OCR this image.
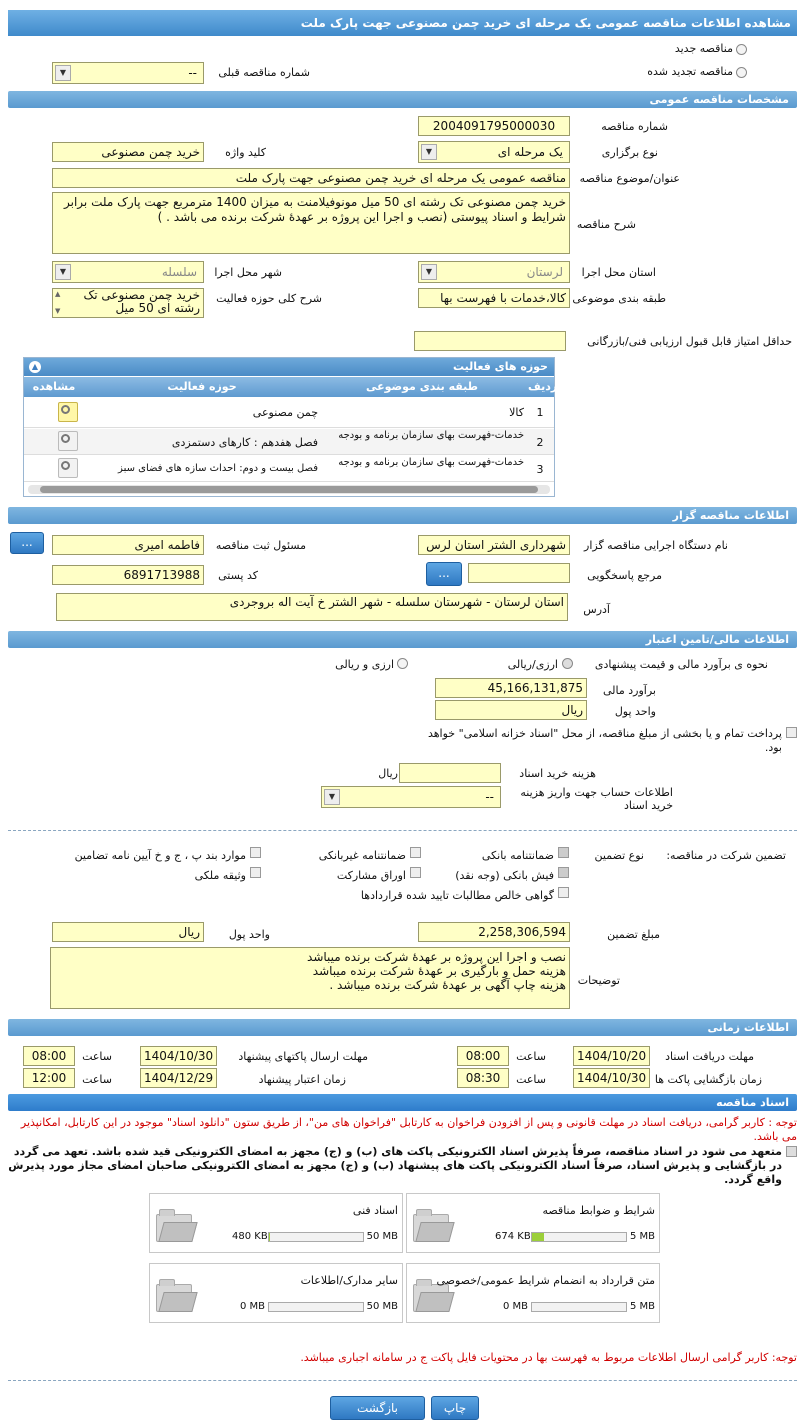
مشاهده اطلاعات مناقصه عمومی یک مرحله ای خرید چمن مصنوعی جهت پارک ملت
مناقصه جدید
مناقصه تجدید شده
شماره مناقصه قبلی
--
▼
مشخصات مناقصه عمومی
شماره مناقصه
2004091795000030
نوع برگزاری
یک مرحله ای
▼
کلید واژه
خرید چمن مصنوعی
عنوان/موضوع مناقصه
مناقصه عمومی یک مرحله ای خرید چمن مصنوعی جهت پارک ملت
شرح مناقصه
خرید چمن مصنوعی تک رشته ای 50 میل مونوفیلامنت به میزان 1400 مترمربع جهت پارک ملت برابر شرایط و اسناد پیوستی (نصب و اجرا این پروژه بر عهدهٔ شرکت برنده می باشد . )
استان محل اجرا
لرستان
▼
شهر محل اجرا
سلسله
▼
طبقه بندی موضوعی
کالا،خدمات با فهرست بها
شرح کلی حوزه فعالیت
خرید چمن مصنوعی تک رشته ای 50 میل
▲
▼
حداقل امتیاز قابل قبول ارزیابی فنی/بازرگانی
حوزه های فعالیت
▲
ردیف
طبقه بندی موضوعی
حوزه فعالیت
مشاهده
1
کالا
چمن مصنوعی
2
خدمات-فهرست بهای سازمان برنامه و بودجه
فصل هفدهم : کارهای دستمزدی
3
خدمات-فهرست بهای سازمان برنامه و بودجه
فصل بیست و دوم: احداث سازه های فضای سبز
اطلاعات مناقصه گزار
نام دستگاه اجرایی مناقصه گزار
شهرداری الشتر استان لرس
مسئول ثبت مناقصه
فاطمه امیری
...
مرجع پاسخگویی
...
کد پستی
6891713988
آدرس
استان لرستان - شهرستان سلسله - شهر الشتر خ آیت اله بروجردی
اطلاعات مالی/تامین اعتبار
نحوه ی برآورد مالی و قیمت پیشنهادی
ارزی/ریالی
ارزی و ریالی
برآورد مالی
45,166,131,875
واحد پول
ریال
پرداخت تمام و یا بخشی از مبلغ مناقصه، از محل "اسناد خزانه اسلامی" خواهد بود.
هزینه خرید اسناد
ریال
اطلاعات حساب جهت واریز هزینه خرید اسناد
--
▼
تضمین شرکت در مناقصه:
نوع تضمین
ضمانتنامه بانکی
ضمانتنامه غیربانکی
موارد بند پ ، ج و خ آیین نامه تضامین
فیش بانکی (وجه نقد)
اوراق مشارکت
وثیقه ملکی
گواهی خالص مطالبات تایید شده قراردادها
مبلغ تضمین
2,258,306,594
واحد پول
ریال
توضیحات
نصب و اجرا این پروژه بر عهدهٔ شرکت برنده میباشد
هزینه حمل و بارگیری بر عهدهٔ شرکت برنده میباشد
هزینه چاپ آگهی بر عهدهٔ شرکت برنده میباشد .
اطلاعات زمانی
مهلت دریافت اسناد
1404/10/20
ساعت
08:00
مهلت ارسال پاکتهای پیشنهاد
1404/10/30
ساعت
08:00
زمان بازگشایی پاکت ها
1404/10/30
ساعت
08:30
زمان اعتبار پیشنهاد
1404/12/29
ساعت
12:00
اسناد مناقصه
توجه : کاربر گرامی، دریافت اسناد در مهلت قانونی و پس از افزودن فراخوان به کارتابل "فراخوان های من"، از طریق ستون "دانلود اسناد" موجود در این کارتابل، امکانپذیر می باشد.
متعهد می شود در اسناد مناقصه، صرفاً پذیرش اسناد الکترونیکی پاکت های (ب) و (ج) مجهز به امضای الکترونیکی قید شده باشد. تعهد می گردد در بازگشایی و پذیرش اسناد، صرفاً اسناد الکترونیکی پاکت های پیشنهاد (ب) و (ج) مجهز به امضای الکترونیکی صاحبان امضای مجاز مورد پذیرش واقع گردد.
شرایط و ضوابط مناقصه
674 KB	5 MB
اسناد فنی
480 KB	50 MB
متن قرارداد به انضمام شرایط عمومی/خصوصی
0 MB	5 MB
سایر مدارک/اطلاعات
0 MB	50 MB
توجه: کاربر گرامی ارسال اطلاعات مربوط به فهرست بها در محتویات فایل پاکت ج در سامانه اجباری میباشد.
بازگشت	چاپ
